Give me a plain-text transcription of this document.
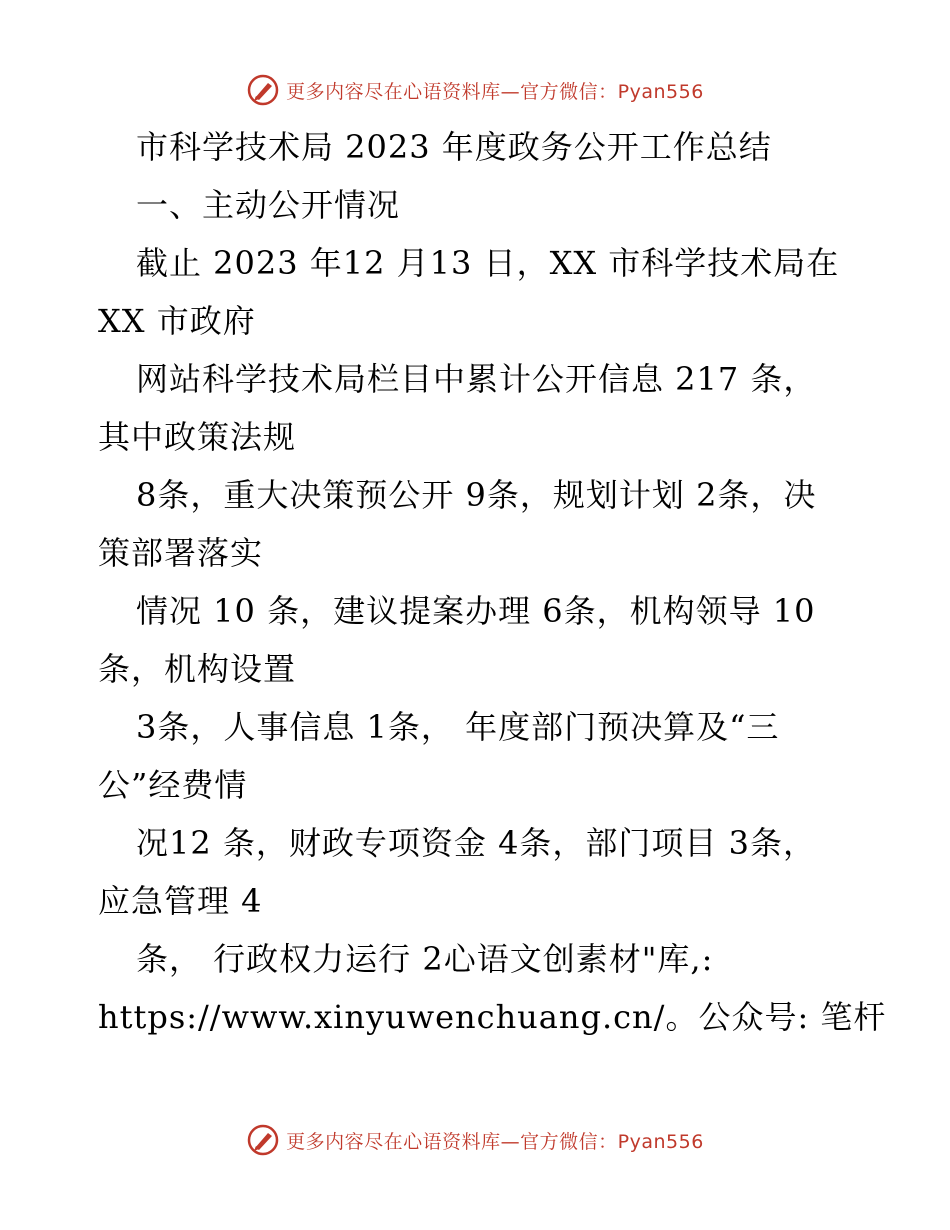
更多内容尽在心语资料库—官方微信：Pyan556
市科学技术局 2023 年度政务公开工作总结
一、主动公开情况
截止 2023 年12 月13 日，XX 市科学技术局在
XX 市政府
网站科学技术局栏目中累计公开信息 217 条，
其中政策法规
8条，重大决策预公开 9条，规划计划 2条，决
策部署落实
情况 10 条，建议提案办理 6条，机构领导 10
条，机构设置
3条，人事信息 1条， 年度部门预决算及“三
公”经费情
况12 条，财政专项资金 4条，部门项目 3条，
应急管理 4
条， 行政权力运行 2心语文创素材"库,:
https://www.xinyuwenchuang.cn/。公众号: 笔杆
更多内容尽在心语资料库—官方微信：Pyan556
